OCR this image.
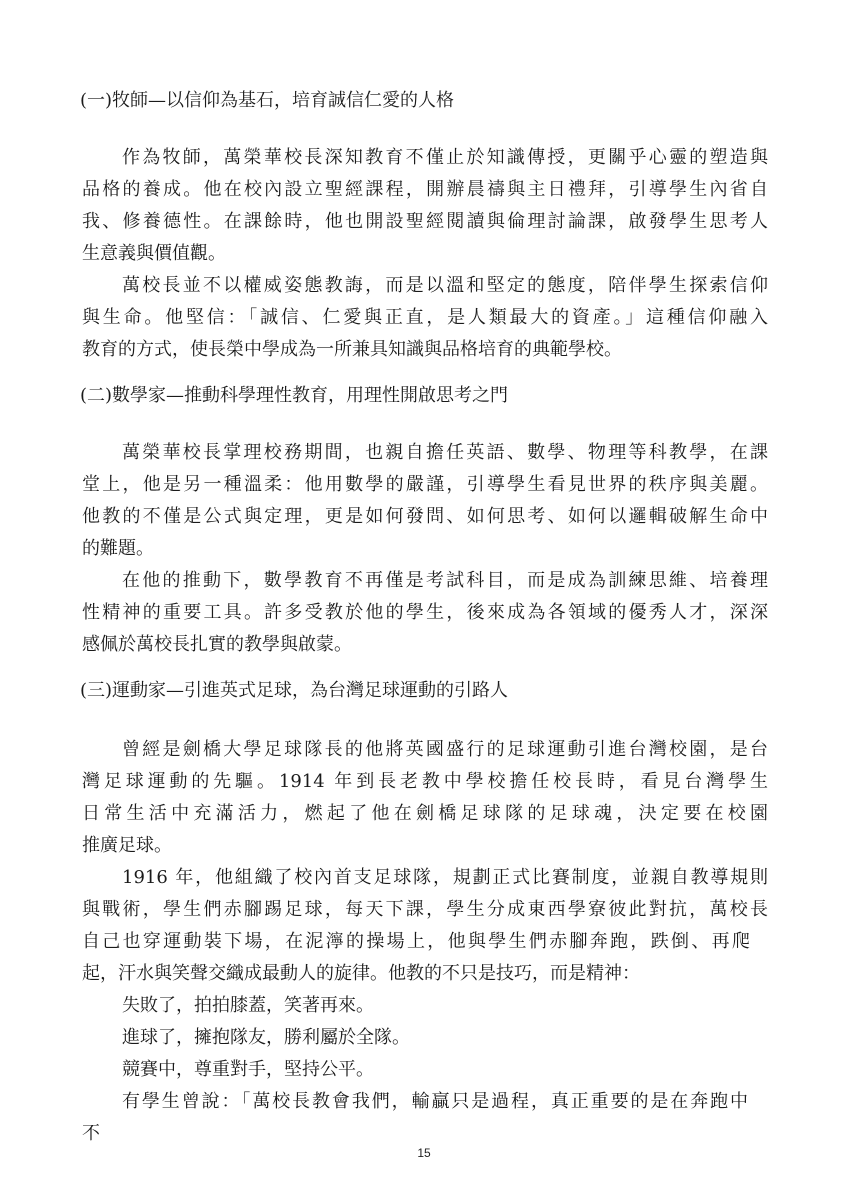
(一)牧師—以信仰為基石，培育誠信仁愛的人格
作為牧師，萬榮華校長深知教育不僅止於知識傳授，更關乎心靈的塑造與
品格的養成。他在校內設立聖經課程，開辦晨禱與主日禮拜，引導學生內省自
我、修養德性。在課餘時，他也開設聖經閱讀與倫理討論課，啟發學生思考人
生意義與價值觀。
萬校長並不以權威姿態教誨，而是以溫和堅定的態度，陪伴學生探索信仰
與生命。他堅信：「誠信、仁愛與正直，是人類最大的資產。」這種信仰融入
教育的方式，使長榮中學成為一所兼具知識與品格培育的典範學校。
(二)數學家—推動科學理性教育，用理性開啟思考之門
萬榮華校長掌理校務期間，也親自擔任英語、數學、物理等科教學，在課
堂上，他是另一種溫柔：他用數學的嚴謹，引導學生看見世界的秩序與美麗。
他教的不僅是公式與定理，更是如何發問、如何思考、如何以邏輯破解生命中
的難題。
在他的推動下，數學教育不再僅是考試科目，而是成為訓練思維、培養理
性精神的重要工具。許多受教於他的學生，後來成為各領域的優秀人才，深深
感佩於萬校長扎實的教學與啟蒙。
(三)運動家—引進英式足球，為台灣足球運動的引路人
曾經是劍橋大學足球隊長的他將英國盛行的足球運動引進台灣校園，是台
灣足球運動的先驅。1914 年到長老教中學校擔任校長時，看見台灣學生
日常生活中充滿活力，燃起了他在劍橋足球隊的足球魂，決定要在校園
推廣足球。
1916 年，他組織了校內首支足球隊，規劃正式比賽制度，並親自教導規則
與戰術，學生們赤腳踢足球，每天下課，學生分成東西學寮彼此對抗，萬校長
自己也穿運動裝下場，在泥濘的操場上，他與學生們赤腳奔跑，跌倒、再爬
起，汗水與笑聲交織成最動人的旋律。他教的不只是技巧，而是精神：
失敗了，拍拍膝蓋，笑著再來。
進球了，擁抱隊友，勝利屬於全隊。
競賽中，尊重對手，堅持公平。
有學生曾說：「萬校長教會我們，輸贏只是過程，真正重要的是在奔跑中
不
15
